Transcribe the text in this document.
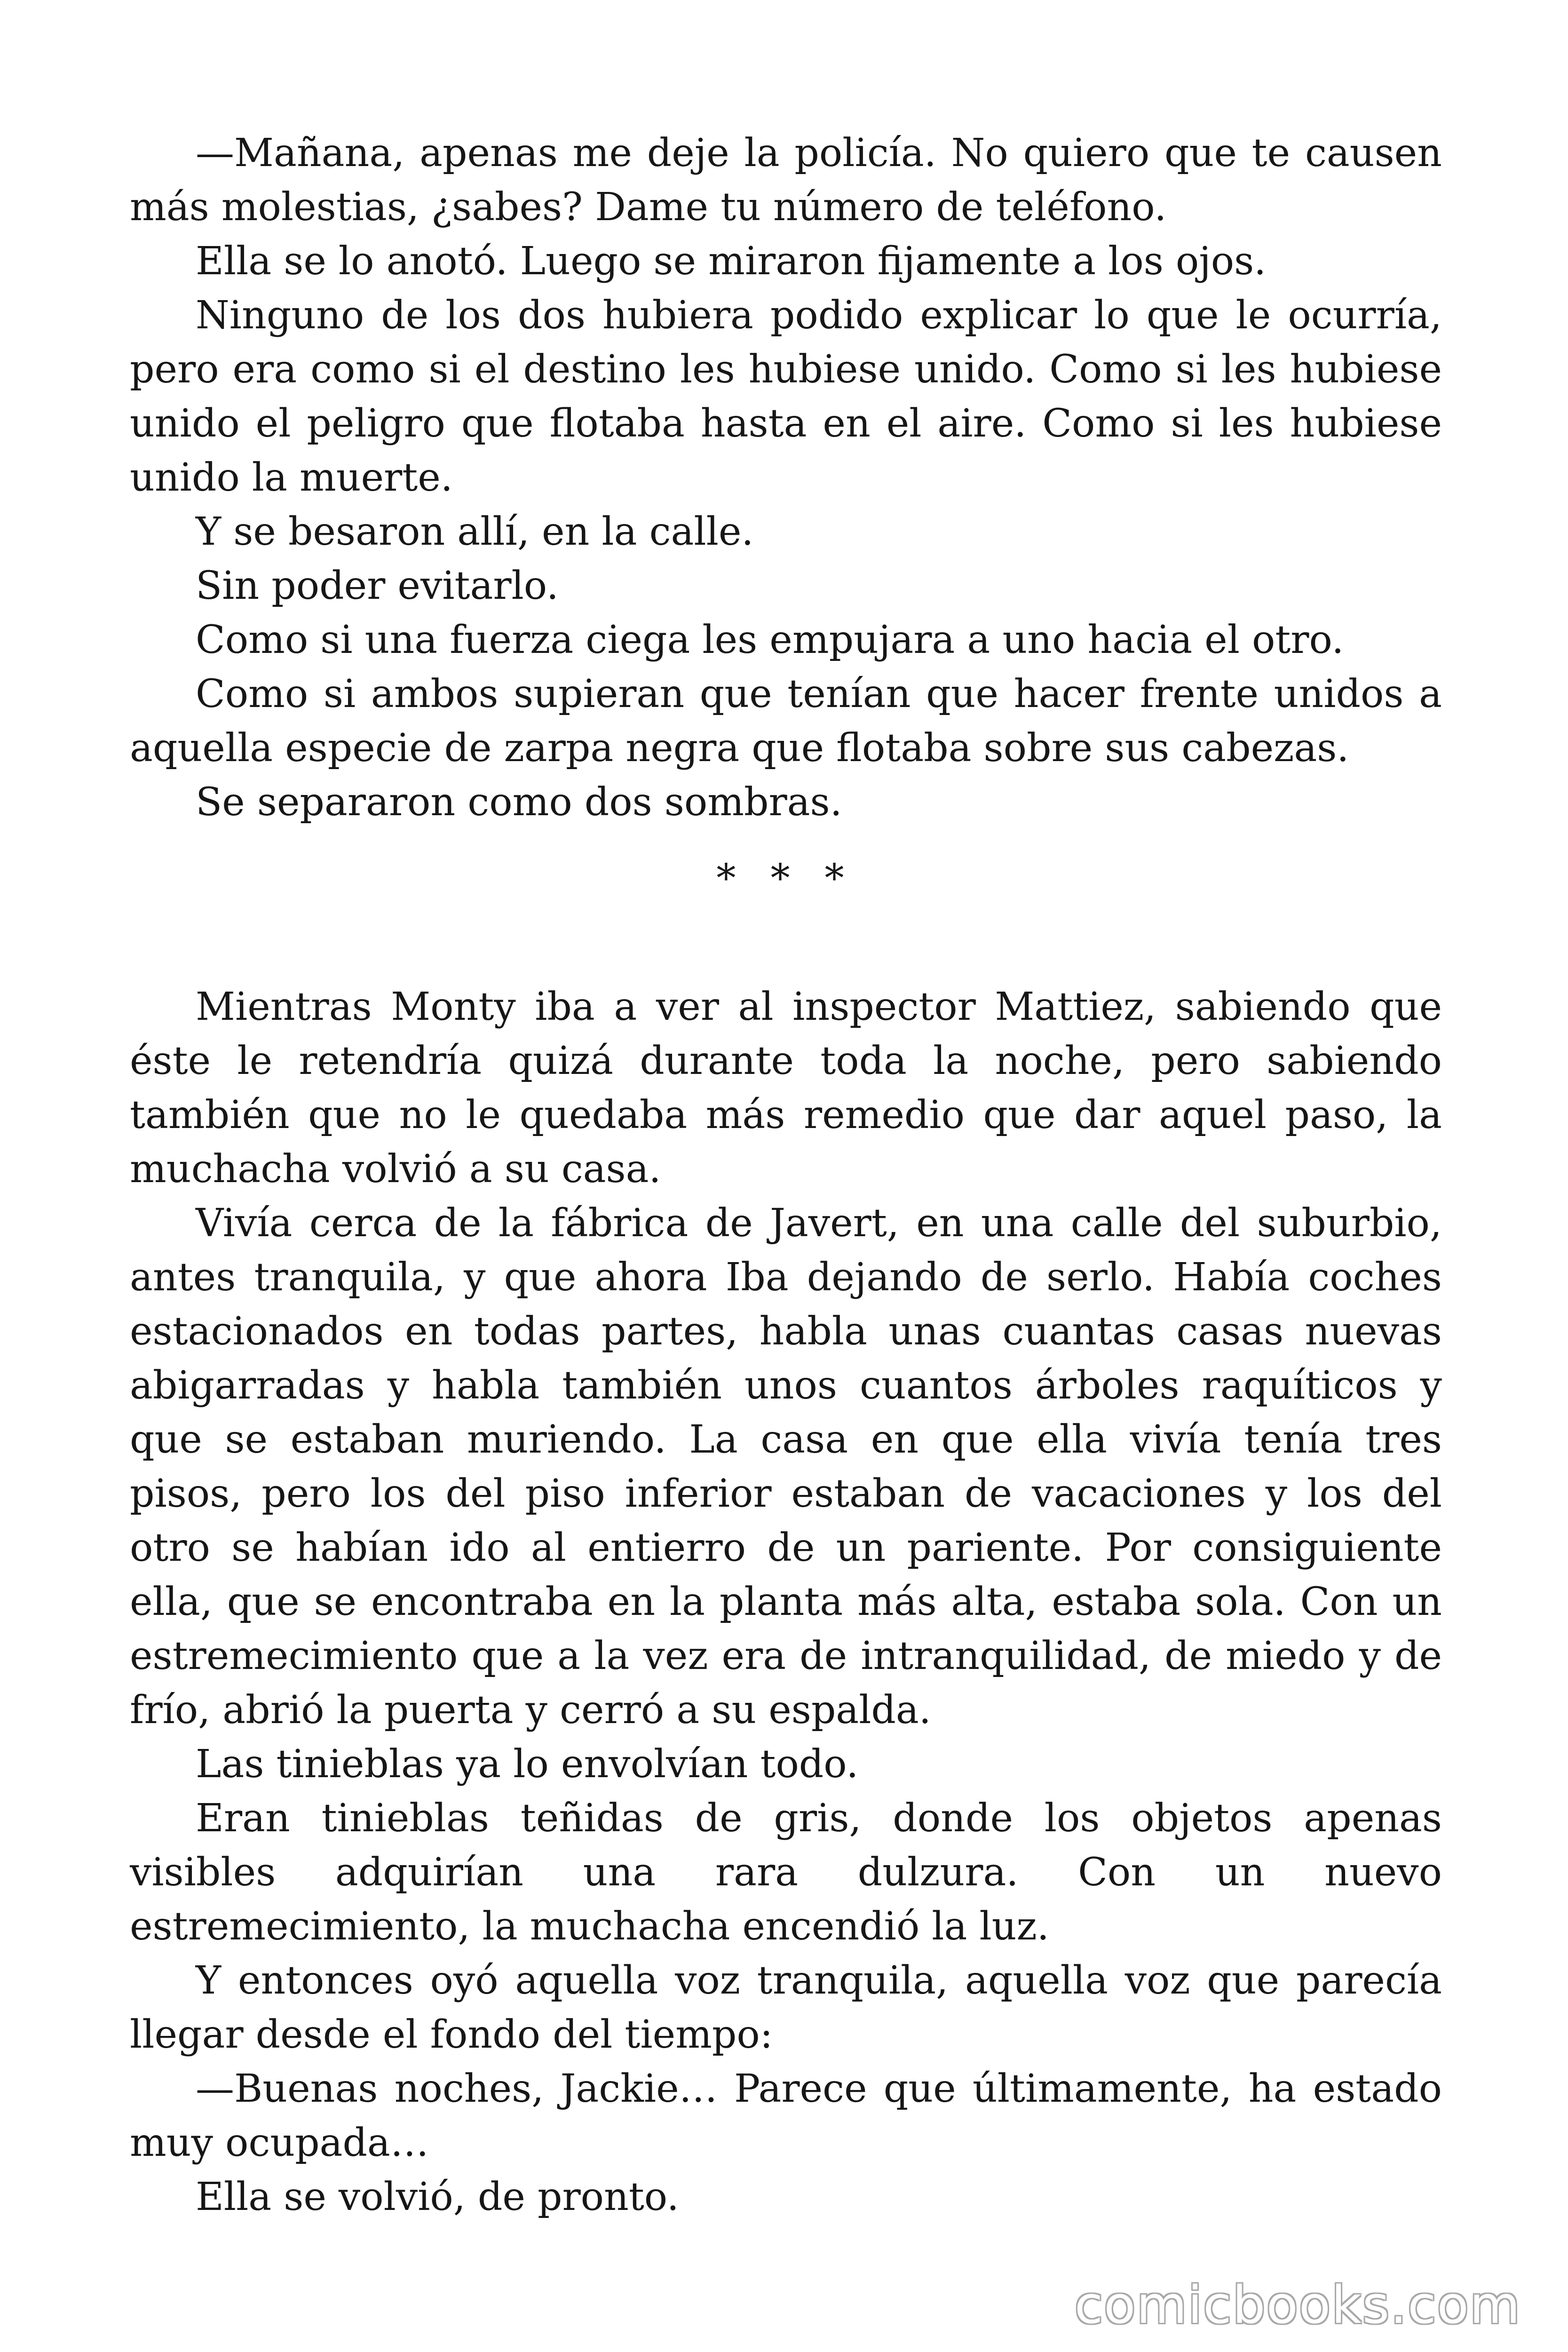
—Mañana, apenas me deje la policía. No quiero que te causen más molestias, ¿sabes? Dame tu número de teléfono.

Ella se lo anotó. Luego se miraron fijamente a los ojos.

Ninguno de los dos hubiera podido explicar lo que le ocurría, pero era como si el destino les hubiese unido. Como si les hubiese unido el peligro que flotaba hasta en el aire. Como si les hubiese unido la muerte.

Y se besaron allí, en la calle.

Sin poder evitarlo.

Como si una fuerza ciega les empujara a uno hacia el otro.

Como si ambos supieran que tenían que hacer frente unidos a aquella especie de zarpa negra que flotaba sobre sus cabezas.

Se separaron como dos sombras.

* * *

Mientras Monty iba a ver al inspector Mattiez, sabiendo que éste le retendría quizá durante toda la noche, pero sabiendo también que no le quedaba más remedio que dar aquel paso, la muchacha volvió a su casa.

Vivía cerca de la fábrica de Javert, en una calle del suburbio, antes tranquila, y que ahora Iba dejando de serlo. Había coches estacionados en todas partes, habla unas cuantas casas nuevas abigarradas y habla también unos cuantos árboles raquíticos y que se estaban muriendo. La casa en que ella vivía tenía tres pisos, pero los del piso inferior estaban de vacaciones y los del otro se habían ido al entierro de un pariente. Por consiguiente ella, que se encontraba en la planta más alta, estaba sola. Con un estremecimiento que a la vez era de intranquilidad, de miedo y de frío, abrió la puerta y cerró a su espalda.

Las tinieblas ya lo envolvían todo.

Eran tinieblas teñidas de gris, donde los objetos apenas visibles adquirían una rara dulzura. Con un nuevo estremecimiento, la muchacha encendió la luz.

Y entonces oyó aquella voz tranquila, aquella voz que parecía llegar desde el fondo del tiempo:

—Buenas noches, Jackie… Parece que últimamente, ha estado muy ocupada…

Ella se volvió, de pronto.

comicbooks.com
